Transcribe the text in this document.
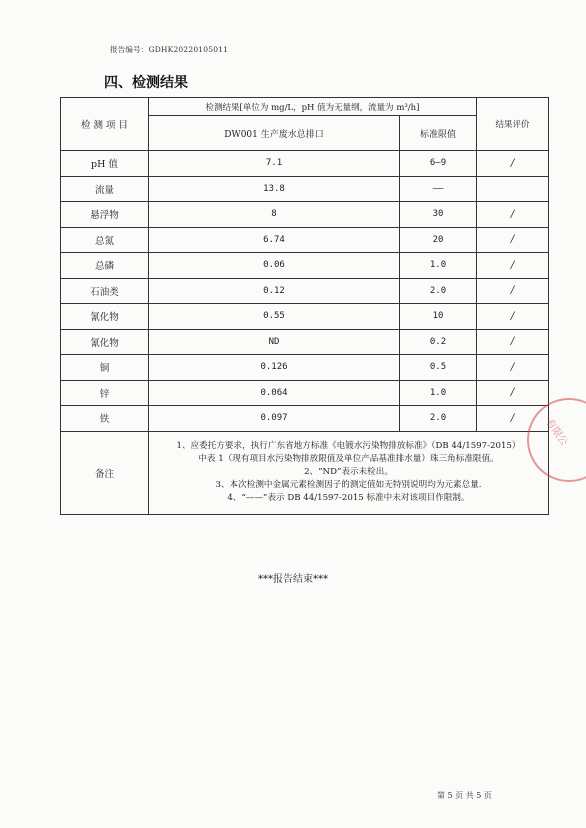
报告编号：GDHK20220105011
四、检测结果
检 测 项 目	检测结果[单位为 mg/L，pH 值为无量纲，流量为 m³/h]		结果评价
	DW001 生产废水总排口	标准限值	
pH 值	7.1	6—9	/
流量	13.8	——	
悬浮物	8	30	/
总氮	6.74	20	/
总磷	0.06	1.0	/
石油类	0.12	2.0	/
氰化物	0.55	10	/
氰化物	ND	0.2	/
铜	0.126	0.5	/
锌	0.064	1.0	/
铁	0.097	2.0	/
备注	1、应委托方要求，执行广东省地方标准《电镀水污染物排放标准》（DB 44/1597-2015）
中表 1（现有项目水污染物排放限值及单位产品基准排水量）珠三角标准限值。
2、“ND”表示未检出。
3、本次检测中金属元素检测因子的测定值如无特别说明均为元素总量.
4、“——”表示 DB 44/1597-2015 标准中未对该项目作限制。		
***报告结束***
第 5 页 共 5 页
有限公
